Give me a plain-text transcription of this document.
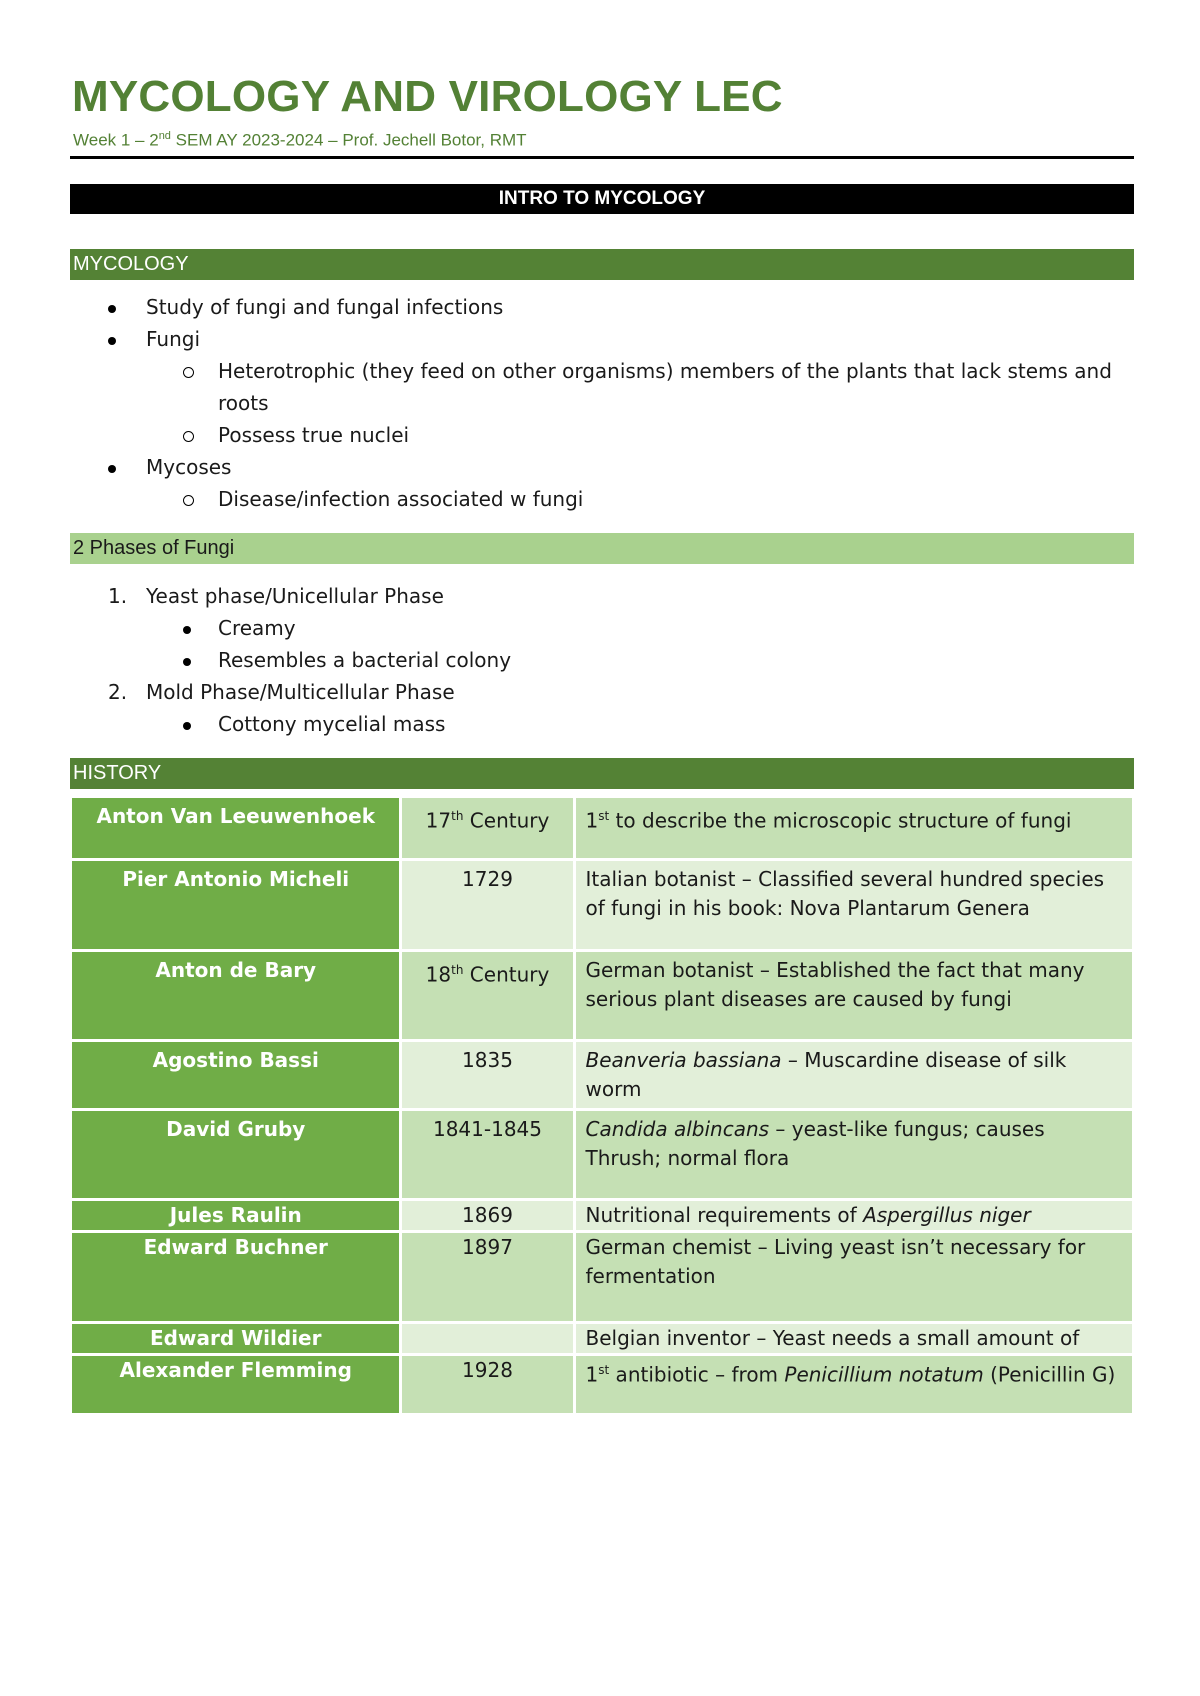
MYCOLOGY AND VIROLOGY LEC
Week 1 – 2nd SEM AY 2023-2024 – Prof. Jechell Botor, RMT
INTRO TO MYCOLOGY
MYCOLOGY
Study of fungi and fungal infections
Fungi
Heterotrophic (they feed on other organisms) members of the plants that lack stems and roots
Possess true nuclei
Mycoses
Disease/infection associated w fungi
2 Phases of Fungi
1. Yeast phase/Unicellular Phase
Creamy
Resembles a bacterial colony
2. Mold Phase/Multicellular Phase
Cottony mycelial mass
HISTORY
Anton Van Leeuwenhoek	17th Century	1st to describe the microscopic structure of fungi
Pier Antonio Micheli	1729	Italian botanist – Classified several hundred species of fungi in his book: Nova Plantarum Genera
Anton de Bary	18th Century	German botanist – Established the fact that many serious plant diseases are caused by fungi
Agostino Bassi	1835	Beanveria bassiana – Muscardine disease of silk worm
David Gruby	1841-1845	Candida albincans – yeast-like fungus; causes Thrush; normal flora
Jules Raulin	1869	Nutritional requirements of Aspergillus niger
Edward Buchner	1897	German chemist – Living yeast isn’t necessary for fermentation
Edward Wildier		Belgian inventor – Yeast needs a small amount of
Alexander Flemming	1928	1st antibiotic – from Penicillium notatum (Penicillin G)
